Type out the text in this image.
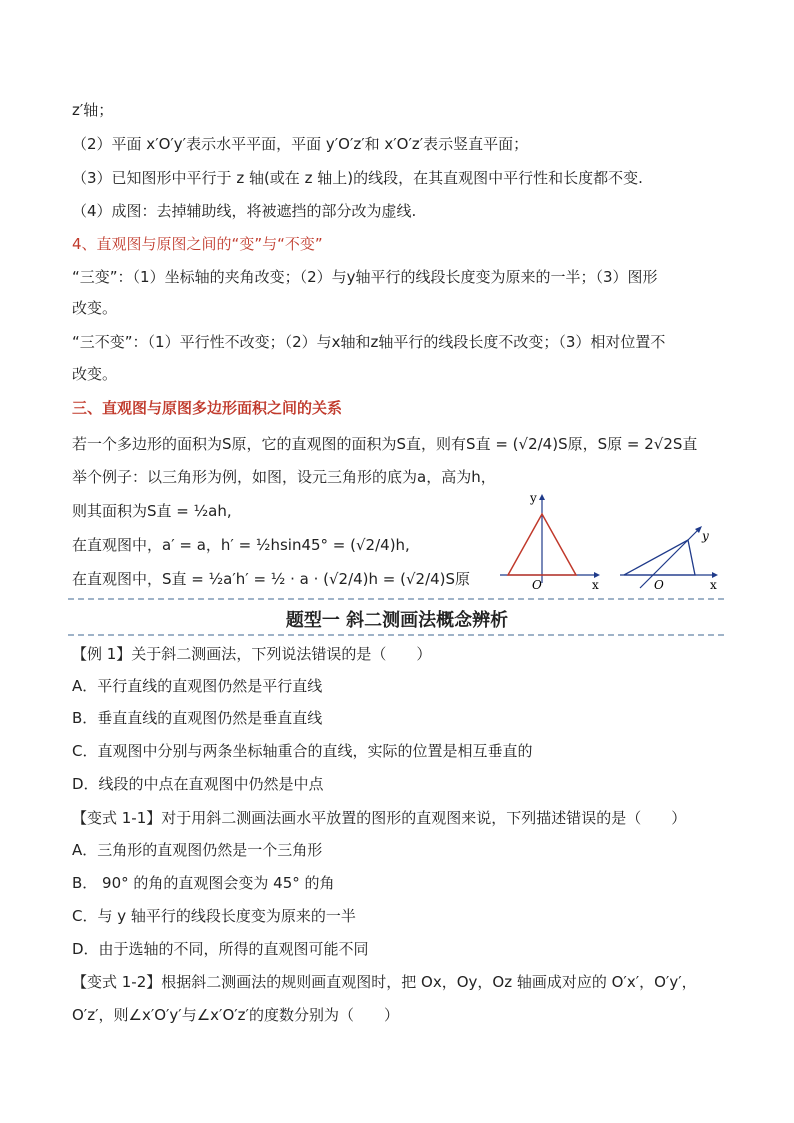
z′轴；
（2）平面 x′O′y′表示水平平面，平面 y′O′z′和 x′O′z′表示竖直平面；
（3）已知图形中平行于 z 轴(或在 z 轴上)的线段，在其直观图中平行性和长度都不变.
（4）成图：去掉辅助线，将被遮挡的部分改为虚线.
4、直观图与原图之间的“变”与“不变”
“三变”：（1）坐标轴的夹角改变；（2）与y轴平行的线段长度变为原来的一半；（3）图形
改变。
“三不变”：（1）平行性不改变；（2）与x轴和z轴平行的线段长度不改变；（3）相对位置不
改变。
三、直观图与原图多边形面积之间的关系
若一个多边形的面积为S原，它的直观图的面积为S直，则有S直 = (√2/4)S原，S原 = 2√2S直
举个例子：以三角形为例，如图，设元三角形的底为a，高为h，
则其面积为S直 = ½ah,
在直观图中，a′ = a，h′ = ½hsin45° = (√2/4)h,
在直观图中，S直 = ½a′h′ = ½ · a · (√2/4)h = (√2/4)S原
y
O	x
y
O	x
题型一 斜二测画法概念辨析
【例 1】关于斜二测画法，下列说法错误的是（　　）
A．平行直线的直观图仍然是平行直线
B．垂直直线的直观图仍然是垂直直线
C．直观图中分别与两条坐标轴重合的直线，实际的位置是相互垂直的
D．线段的中点在直观图中仍然是中点
【变式 1-1】对于用斜二测画法画水平放置的图形的直观图来说，下列描述错误的是（　　）
A．三角形的直观图仍然是一个三角形
B． 90° 的角的直观图会变为 45° 的角
C．与 y 轴平行的线段长度变为原来的一半
D．由于选轴的不同，所得的直观图可能不同
【变式 1-2】根据斜二测画法的规则画直观图时，把 Ox，Oy，Oz 轴画成对应的 O′x′，O′y′，
O′z′，则∠x′O′y′与∠x′O′z′的度数分别为（　　）
